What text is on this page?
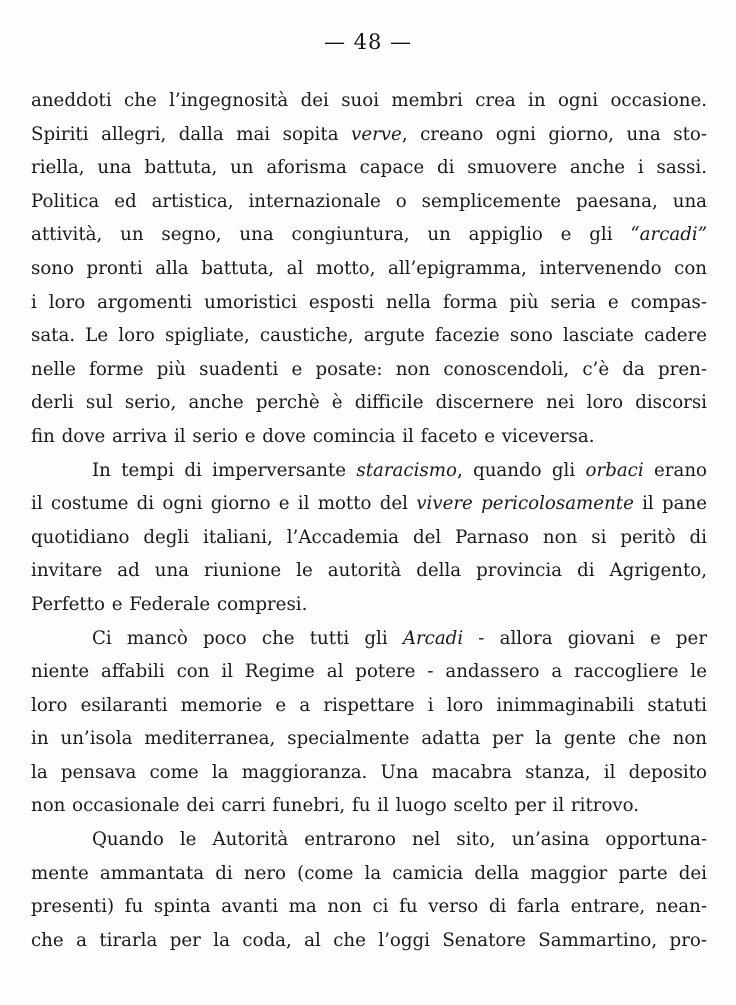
— 48 —
aneddoti che l’ingegnosità dei suoi membri crea in ogni occasione.
Spiriti allegri, dalla mai sopita verve, creano ogni giorno, una sto-
riella, una battuta, un aforisma capace di smuovere anche i sassi.
Politica ed artistica, internazionale o semplicemente paesana, una
attività, un segno, una congiuntura, un appiglio e gli “arcadi”
sono pronti alla battuta, al motto, all’epigramma, intervenendo con
i loro argomenti umoristici esposti nella forma più seria e compas-
sata. Le loro spigliate, caustiche, argute facezie sono lasciate cadere
nelle forme più suadenti e posate: non conoscendoli, c’è da pren-
derli sul serio, anche perchè è difficile discernere nei loro discorsi
fin dove arriva il serio e dove comincia il faceto e viceversa.
In tempi di imperversante staracismo, quando gli orbaci erano
il costume di ogni giorno e il motto del vivere pericolosamente il pane
quotidiano degli italiani, l’Accademia del Parnaso non si peritò di
invitare ad una riunione le autorità della provincia di Agrigento,
Perfetto e Federale compresi.
Ci mancò poco che tutti gli Arcadi - allora giovani e per
niente affabili con il Regime al potere - andassero a raccogliere le
loro esilaranti memorie e a rispettare i loro inimmaginabili statuti
in un’isola mediterranea, specialmente adatta per la gente che non
la pensava come la maggioranza. Una macabra stanza, il deposito
non occasionale dei carri funebri, fu il luogo scelto per il ritrovo.
Quando le Autorità entrarono nel sito, un’asina opportuna-
mente ammantata di nero (come la camicia della maggior parte dei
presenti) fu spinta avanti ma non ci fu verso di farla entrare, nean-
che a tirarla per la coda, al che l’oggi Senatore Sammartino, pro-
